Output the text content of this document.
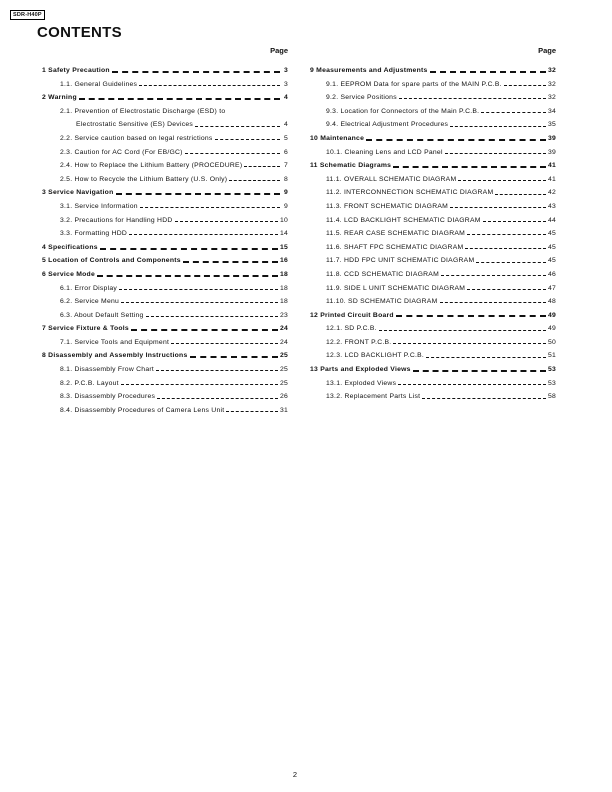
SDR-H40P
CONTENTS
Page
1 Safety Precaution	3
1.1. General Guidelines	3
2 Warning	4
2.1. Prevention of Electrostatic Discharge (ESD) to
Electrostatic Sensitive (ES) Devices	4
2.2. Service caution based on legal restrictions	5
2.3. Caution for AC Cord (For EB/GC)	6
2.4. How to Replace the Lithium Battery (PROCEDURE)	7
2.5. How to Recycle the Lithium Battery (U.S. Only)	8
3 Service Navigation	9
3.1. Service Information	9
3.2. Precautions for Handling HDD	10
3.3. Formatting HDD	14
4 Specifications	15
5 Location of Controls and Components	16
6 Service Mode	18
6.1. Error Display	18
6.2. Service Menu	18
6.3. About Default Setting	23
7 Service Fixture & Tools	24
7.1. Service Tools and Equipment	24
8 Disassembly and Assembly Instructions	25
8.1. Disassembly Frow Chart	25
8.2. P.C.B. Layout	25
8.3. Disassembly Procedures	26
8.4. Disassembly Procedures of Camera Lens Unit	31
Page
9 Measurements and Adjustments	32
9.1. EEPROM Data for spare parts of the MAIN P.C.B.	32
9.2. Service Positions	32
9.3. Location for Connectors of the Main P.C.B.	34
9.4. Electrical Adjustment Procedures	35
10 Maintenance	39
10.1. Cleaning Lens and LCD Panel	39
11 Schematic Diagrams	41
11.1. OVERALL SCHEMATIC DIAGRAM	41
11.2. INTERCONNECTION SCHEMATIC DIAGRAM	42
11.3. FRONT SCHEMATIC DIAGRAM	43
11.4. LCD BACKLIGHT SCHEMATIC DIAGRAM	44
11.5. REAR CASE SCHEMATIC DIAGRAM	45
11.6. SHAFT FPC SCHEMATIC DIAGRAM	45
11.7. HDD FPC UNIT SCHEMATIC DIAGRAM	45
11.8. CCD SCHEMATIC DIAGRAM	46
11.9. SIDE L UNIT SCHEMATIC DIAGRAM	47
11.10. SD SCHEMATIC DIAGRAM	48
12 Printed Circuit Board	49
12.1. SD P.C.B.	49
12.2. FRONT P.C.B.	50
12.3. LCD BACKLIGHT P.C.B.	51
13 Parts and Exploded Views	53
13.1. Exploded Views	53
13.2. Replacement Parts List	58
2
